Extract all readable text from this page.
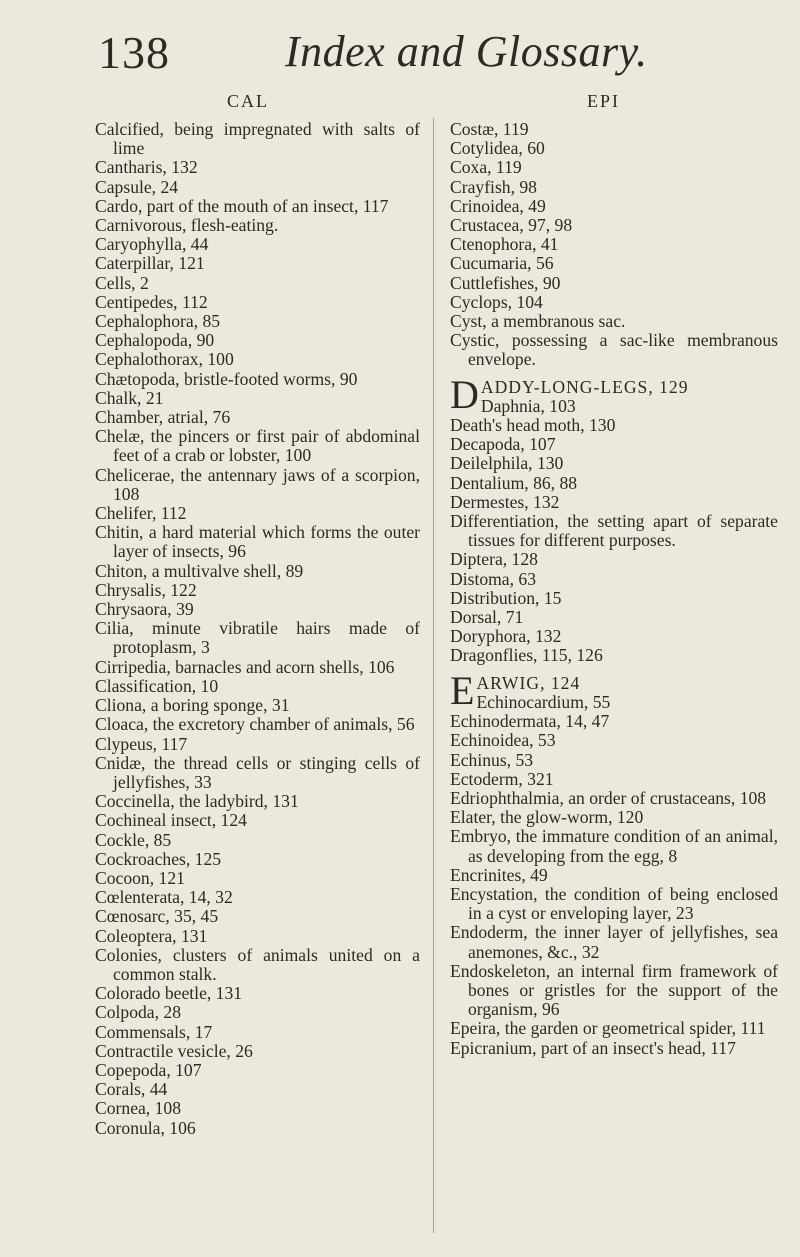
138	Index and Glossary.
CAL	EPI
Calcified, being impregnated with salts of lime
Cantharis, 132
Capsule, 24
Cardo, part of the mouth of an insect, 117
Carnivorous, flesh-eating.
Caryophylla, 44
Caterpillar, 121
Cells, 2
Centipedes, 112
Cephalophora, 85
Cephalopoda, 90
Cephalothorax, 100
Chætopoda, bristle-footed worms, 90
Chalk, 21
Chamber, atrial, 76
Chelæ, the pincers or first pair of abdominal feet of a crab or lobster, 100
Chelicerae, the antennary jaws of a scorpion, 108
Chelifer, 112
Chitin, a hard material which forms the outer layer of insects, 96
Chiton, a multivalve shell, 89
Chrysalis, 122
Chrysaora, 39
Cilia, minute vibratile hairs made of protoplasm, 3
Cirripedia, barnacles and acorn shells, 106
Classification, 10
Cliona, a boring sponge, 31
Cloaca, the excretory chamber of animals, 56
Clypeus, 117
Cnidæ, the thread cells or stinging cells of jellyfishes, 33
Coccinella, the ladybird, 131
Cochineal insect, 124
Cockle, 85
Cockroaches, 125
Cocoon, 121
Cœlenterata, 14, 32
Cœnosarc, 35, 45
Coleoptera, 131
Colonies, clusters of animals united on a common stalk.
Colorado beetle, 131
Colpoda, 28
Commensals, 17
Contractile vesicle, 26
Copepoda, 107
Corals, 44
Cornea, 108
Coronula, 106
Costæ, 119
Cotylidea, 60
Coxa, 119
Crayfish, 98
Crinoidea, 49
Crustacea, 97, 98
Ctenophora, 41
Cucumaria, 56
Cuttlefishes, 90
Cyclops, 104
Cyst, a membranous sac.
Cystic, possessing a sac-like membranous envelope.
D ADDY-LONG-LEGS, 129
Daphnia, 103
Death's head moth, 130
Decapoda, 107
Deilelphila, 130
Dentalium, 86, 88
Dermestes, 132
Differentiation, the setting apart of separate tissues for different purposes.
Diptera, 128
Distoma, 63
Distribution, 15
Dorsal, 71
Doryphora, 132
Dragonflies, 115, 126
E ARWIG, 124
Echinocardium, 55
Echinodermata, 14, 47
Echinoidea, 53
Echinus, 53
Ectoderm, 321
Edriophthalmia, an order of crustaceans, 108
Elater, the glow-worm, 120
Embryo, the immature condition of an animal, as developing from the egg, 8
Encrinites, 49
Encystation, the condition of being enclosed in a cyst or enveloping layer, 23
Endoderm, the inner layer of jellyfishes, sea anemones, &c., 32
Endoskeleton, an internal firm framework of bones or gristles for the support of the organism, 96
Epeira, the garden or geometrical spider, 111
Epicranium, part of an insect's head, 117
